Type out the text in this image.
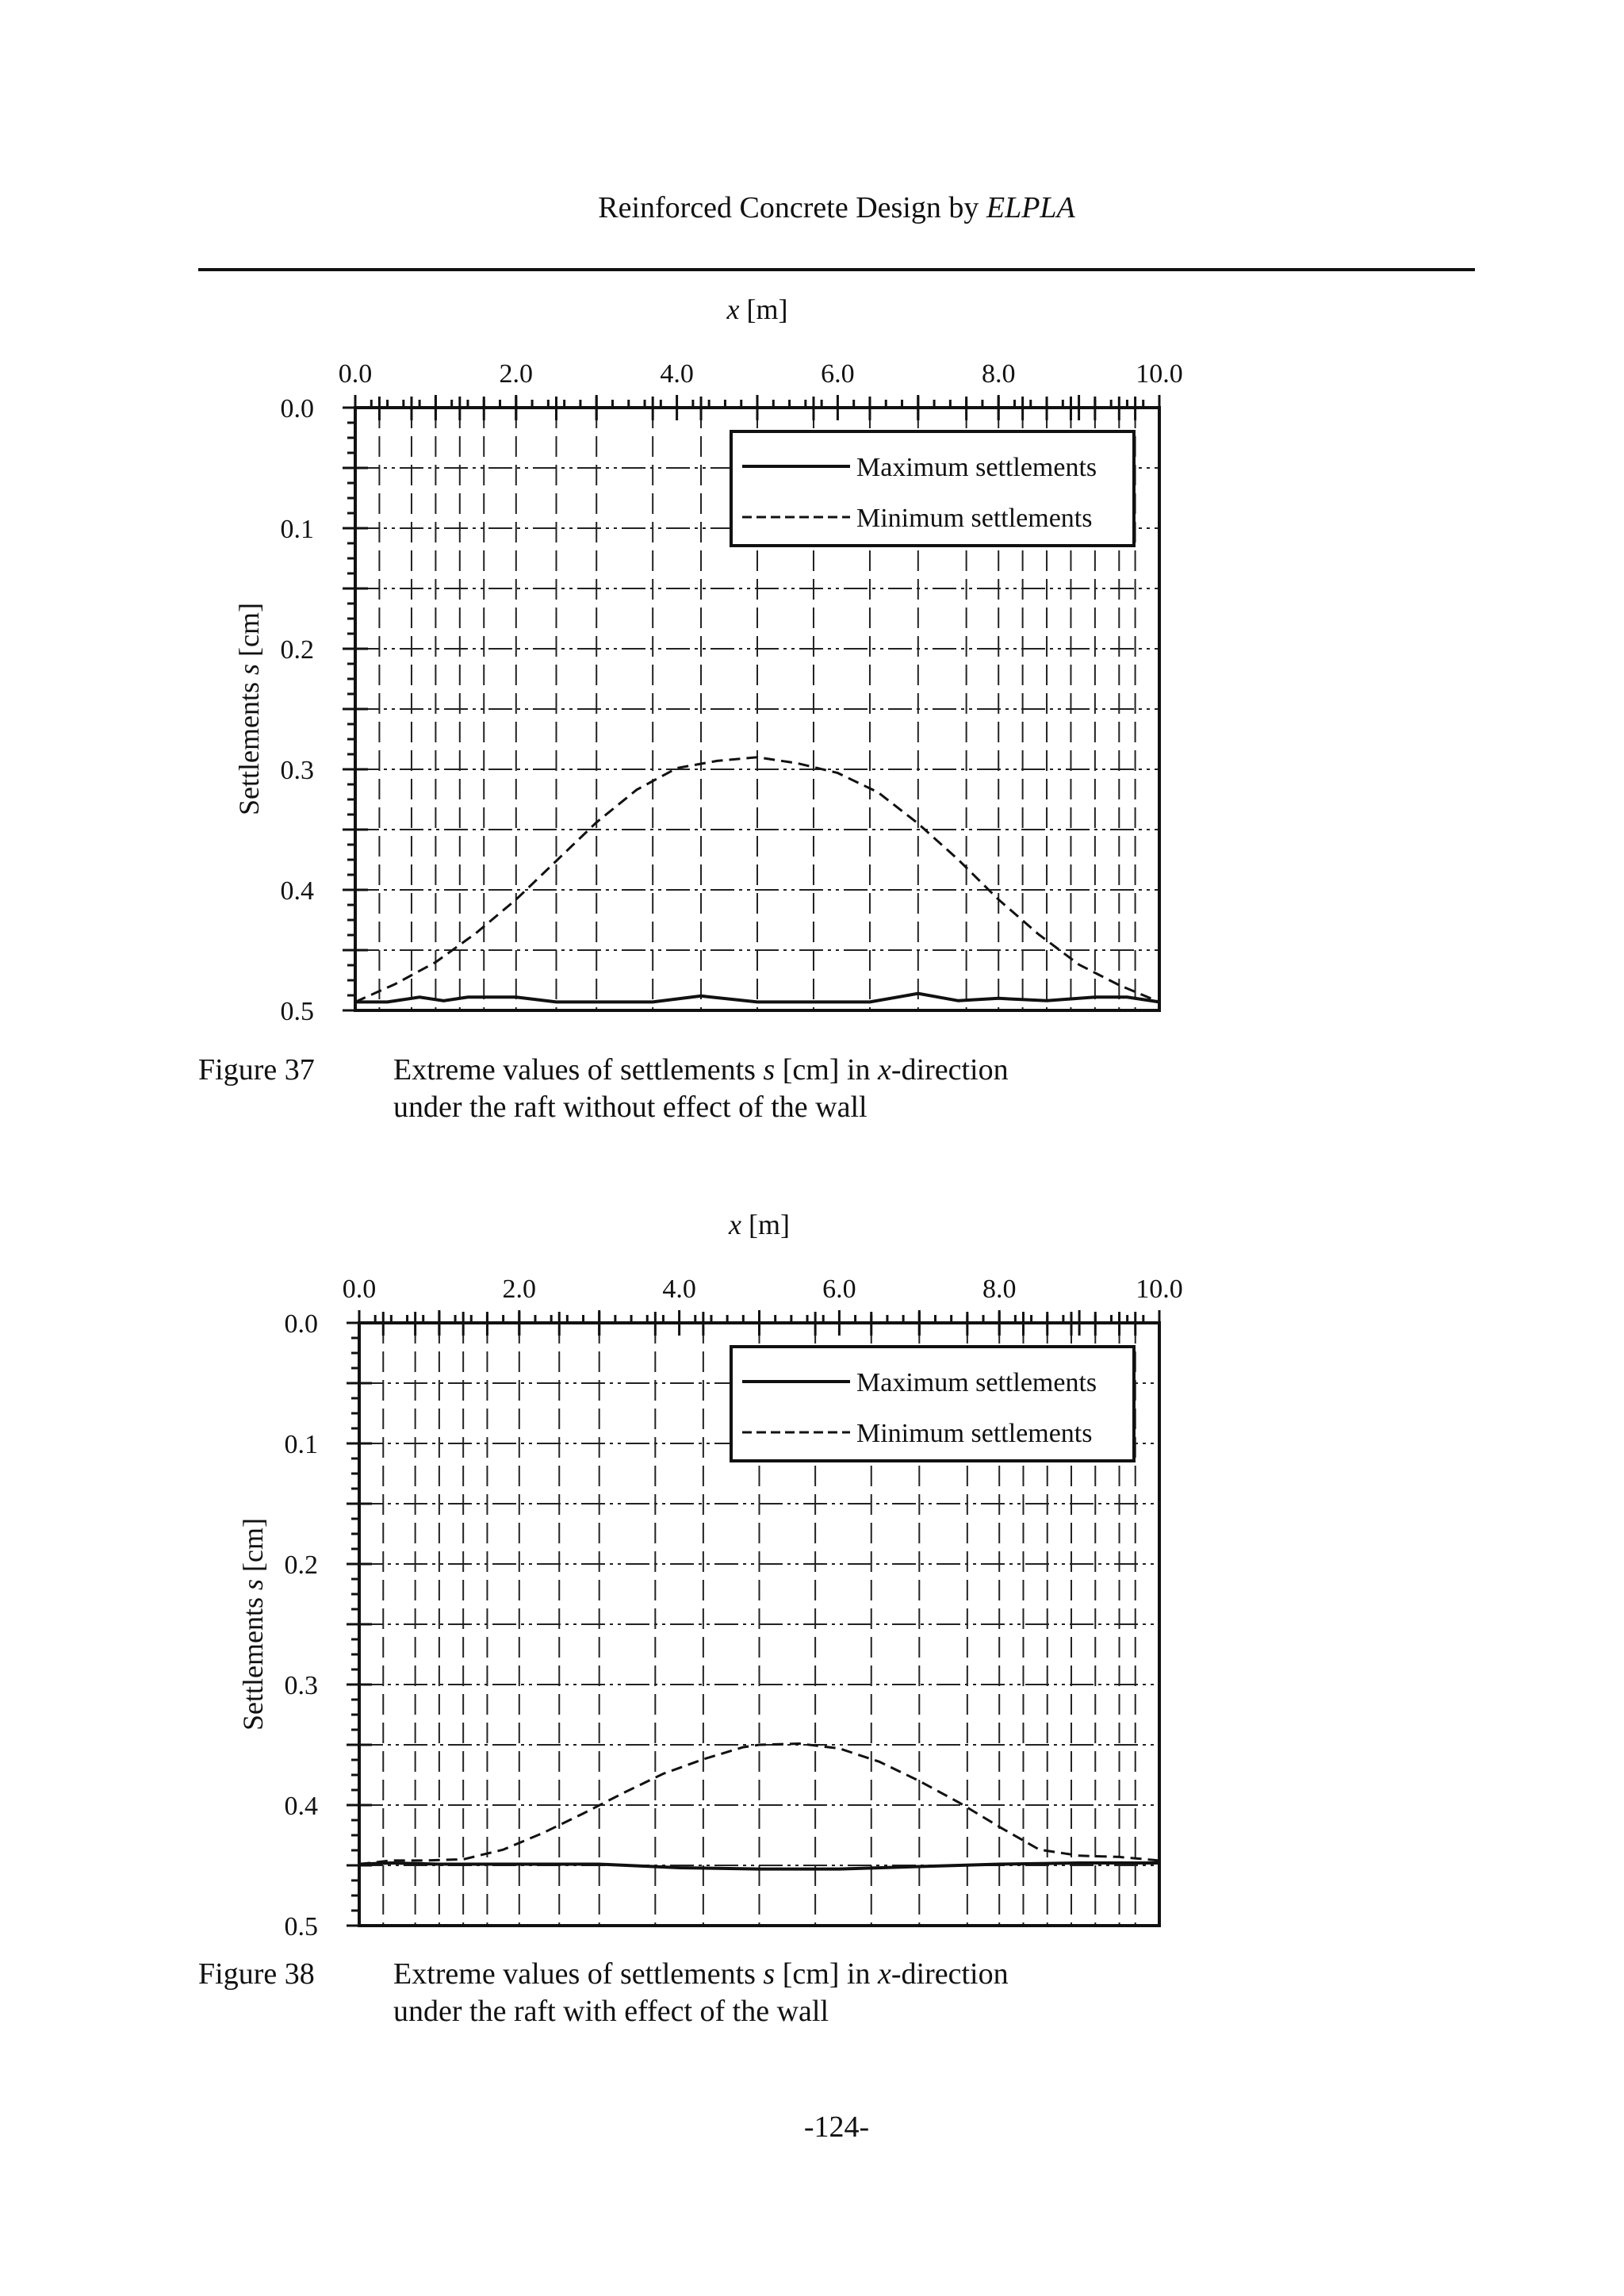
Reinforced Concrete Design by ELPLA
0.0	2.0	4.0	6.0	8.0	10.0
0.0
0.1
0.2
0.3
0.4
0.5
x [m]
Settlements s [cm]
Maximum settlements
Minimum settlements
Figure 37	Extreme values of settlements s [cm] in x-direction
under the raft without effect of the wall
0.0	2.0	4.0	6.0	8.0	10.0
0.0
0.1
0.2
0.3
0.4
0.5
x [m]
Settlements s [cm]
Maximum settlements
Minimum settlements
Figure 38	Extreme values of settlements s [cm] in x-direction
under the raft with effect of the wall
-124-
